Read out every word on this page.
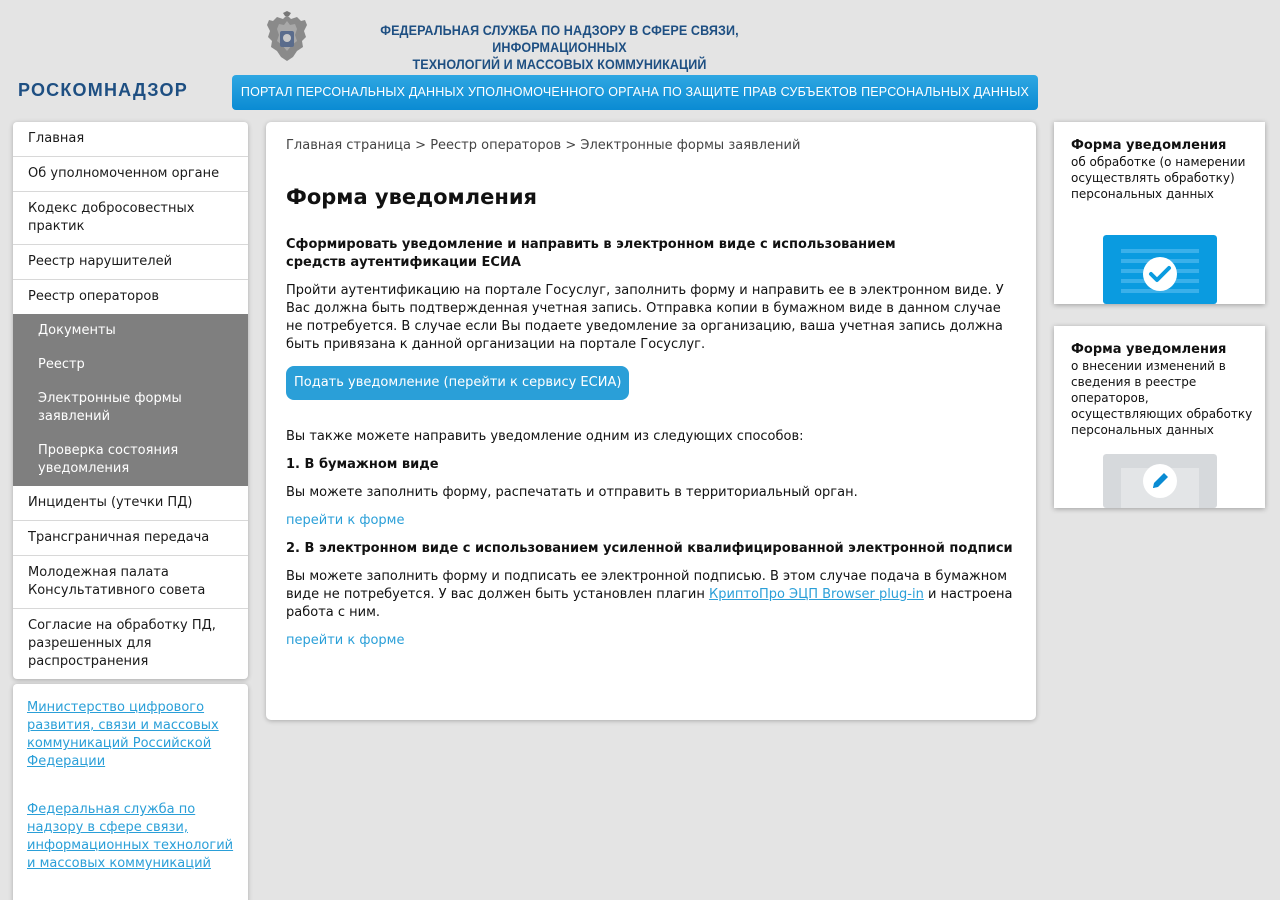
ФЕДЕРАЛЬНАЯ СЛУЖБА ПО НАДЗОРУ В СФЕРЕ СВЯЗИ, ИНФОРМАЦИОННЫХ
ТЕХНОЛОГИЙ И МАССОВЫХ КОММУНИКАЦИЙ
РОСКОМНАДЗОР	ПОРТАЛ ПЕРСОНАЛЬНЫХ ДАННЫХ УПОЛНОМОЧЕННОГО ОРГАНА ПО ЗАЩИТЕ ПРАВ СУБЪЕКТОВ ПЕРСОНАЛЬНЫХ ДАННЫХ
Главная
Об уполномоченном органе
Кодекс добросовестных практик
Реестр нарушителей
Реестр операторов
Документы
Реестр
Электронные формы заявлений
Проверка состояния уведомления
Инциденты (утечки ПД)
Трансграничная передача
Молодежная палата Консультативного совета
Согласие на обработку ПД, разрешенных для распространения
Министерство цифрового развития, связи и массовых коммуникаций Российской Федерации
Федеральная служба по надзору в сфере связи, информационных технологий и массовых коммуникаций
Главная страница > Реестр операторов > Электронные формы заявлений
Форма уведомления
Сформировать уведомление и направить в электронном виде с использованием средств аутентификации ЕСИА

Пройти аутентификацию на портале Госуслуг, заполнить форму и направить ее в электронном виде. У Вас должна быть подтвержденная учетная запись. Отправка копии в бумажном виде в данном случае не потребуется. В случае если Вы подаете уведомление за организацию, ваша учетная запись должна быть привязана к данной организации на портале Госуслуг.

Подать уведомление (перейти к сервису ЕСИА)

Вы также можете направить уведомление одним из следующих способов:

1. В бумажном виде

Вы можете заполнить форму, распечатать и отправить в территориальный орган.

перейти к форме
2. В электронном виде с использованием усиленной квалифицированной электронной подписи

Вы можете заполнить форму и подписать ее электронной подписью. В этом случае подача в бумажном виде не потребуется. У вас должен быть установлен плагин КриптоПро ЭЦП Browser plug-in и настроена работа с ним.

перейти к форме
Форма уведомления
об обработке (о намерении осуществлять обработку) персональных данных
Форма уведомления
о внесении изменений в сведения в реестре операторов, осуществляющих обработку персональных данных
